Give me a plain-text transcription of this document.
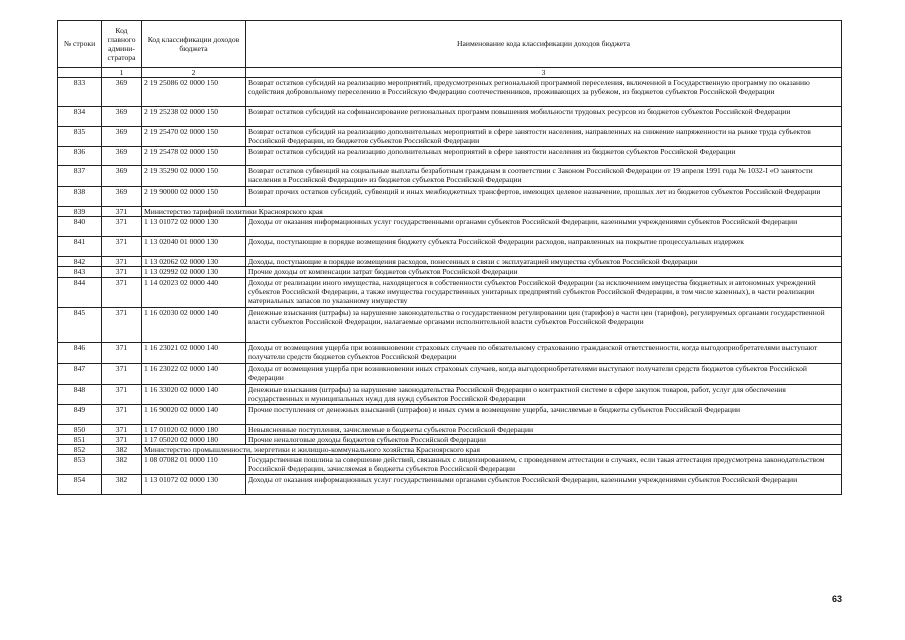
№ строки	Код главного админи-стратора	Код классификации доходов бюджета	Наименование кода классификации доходов бюджета
	1	2	3
833	369	2 19 25086 02 0000 150	Возврат остатков субсидий на реализацию мероприятий, предусмотренных региональной программой переселения, включенной в Государственную программу по оказанию содействия добровольному переселению в Российскую Федерацию соотечественников, проживающих за рубежом, из бюджетов субъектов Российской Федерации
834	369	2 19 25238 02 0000 150	Возврат остатков субсидий на софинансирование региональных программ повышения мобильности трудовых ресурсов из бюджетов субъектов Российской Федерации
835	369	2 19 25470 02 0000 150	Возврат остатков субсидий на реализацию дополнительных мероприятий в сфере занятости населения, направленных на снижение напряженности на рынке труда субъектов Российской Федерации, из бюджетов субъектов Российской Федерации
836	369	2 19 25478 02 0000 150	Возврат остатков субсидий на реализацию дополнительных мероприятий в сфере занятости населения из бюджетов субъектов Российской Федерации
837	369	2 19 35290 02 0000 150	Возврат остатков субвенций на социальные выплаты безработным гражданам в соответствии с Законом Российской Федерации от 19 апреля 1991 года № 1032-I «О занятости населения в Российской Федерации» из бюджетов субъектов Российской Федерации
838	369	2 19 90000 02 0000 150	Возврат прочих остатков субсидий, субвенций и иных межбюджетных трансфертов, имеющих целевое назначение, прошлых лет из бюджетов субъектов Российской Федерации
839	371	Министерство тарифной политики Красноярского края	
840	371	1 13 01072 02 0000 130	Доходы от оказания информационных услуг государственными органами субъектов Российской Федерации, казенными учреждениями субъектов Российской Федерации
841	371	1 13 02040 01 0000 130	Доходы, поступающие в порядке возмещения бюджету субъекта Российской Федерации расходов, направленных на покрытие процессуальных издержек
842	371	1 13 02062 02 0000 130	Доходы, поступающие в порядке возмещения расходов, понесенных в связи с эксплуатацией имущества субъектов Российской Федерации
843	371	1 13 02992 02 0000 130	Прочие доходы от компенсации затрат бюджетов субъектов Российской Федерации
844	371	1 14 02023 02 0000 440	Доходы от реализации иного имущества, находящегося в собственности субъектов Российской Федерации (за исключением имущества бюджетных и автономных учреждений субъектов Российской Федерации, а также имущества государственных унитарных предприятий субъектов Российской Федерации, в том числе казенных), в части реализации материальных запасов по указанному имуществу
845	371	1 16 02030 02 0000 140	Денежные взыскания (штрафы) за нарушение законодательства о государственном регулировании цен (тарифов) в части цен (тарифов), регулируемых органами государственной власти субъектов Российской Федерации, налагаемые органами исполнительной власти субъектов Российской Федерации
846	371	1 16 23021 02 0000 140	Доходы от возмещения ущерба при возникновении страховых случаев по обязательному страхованию гражданской ответственности, когда выгодоприобретателями выступают получатели средств бюджетов субъектов Российской Федерации
847	371	1 16 23022 02 0000 140	Доходы от возмещения ущерба при возникновении иных страховых случаев, когда выгодоприобретателями выступают получатели средств бюджетов субъектов Российской Федерации
848	371	1 16 33020 02 0000 140	Денежные взыскания (штрафы) за нарушение законодательства Российской Федерации о контрактной системе в сфере закупок товаров, работ, услуг для обеспечения государственных и муниципальных нужд для нужд субъектов Российской Федерации
849	371	1 16 90020 02 0000 140	Прочие поступления от денежных взысканий (штрафов) и иных сумм в возмещение ущерба, зачисляемые в бюджеты субъектов Российской Федерации
850	371	1 17 01020 02 0000 180	Невыясненные поступления, зачисляемые в бюджеты субъектов Российской Федерации
851	371	1 17 05020 02 0000 180	Прочие неналоговые доходы бюджетов субъектов Российской Федерации
852	382	Министерство промышленности, энергетики и жилищно-коммунального хозяйства Красноярского края	
853	382	1 08 07082 01 0000 110	Государственная пошлина за совершение действий, связанных с лицензированием, с проведением аттестации в случаях, если такая аттестация предусмотрена законодательством Российской Федерации, зачисляемая в бюджеты субъектов Российской Федерации
854	382	1 13 01072 02 0000 130	Доходы от оказания информационных услуг государственными органами субъектов Российской Федерации, казенными учреждениями субъектов Российской Федерации
63
